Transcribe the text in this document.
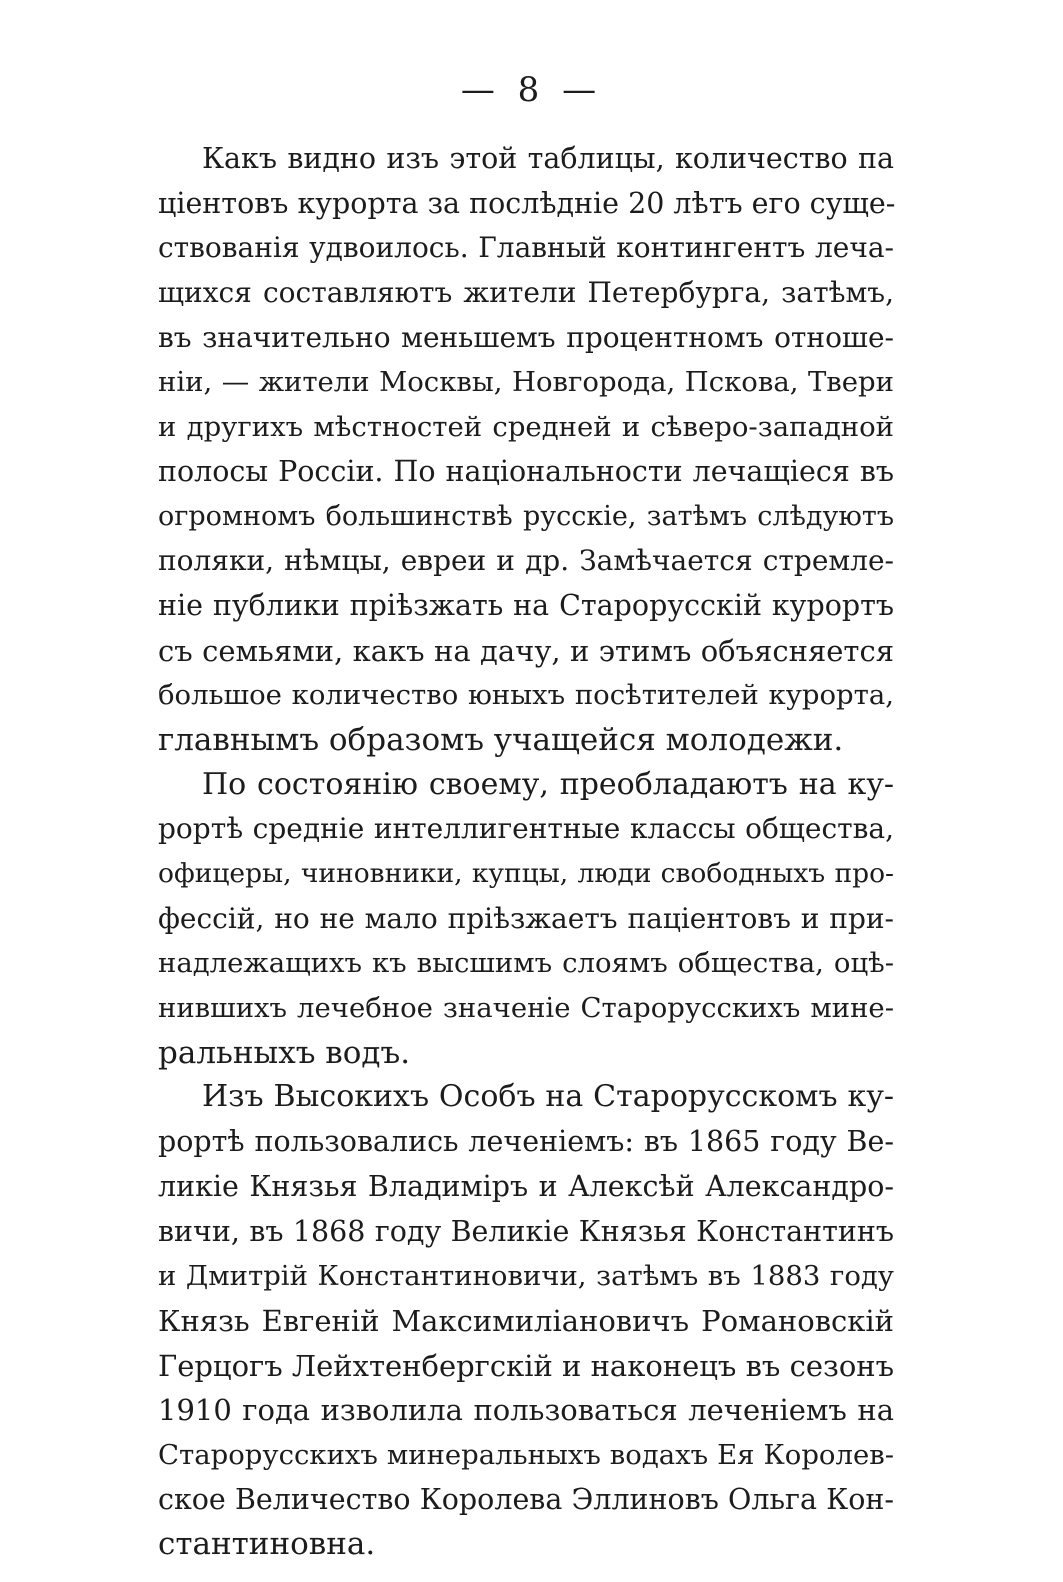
— 8 —
Какъ видно изъ этой таблицы, количество па
ціентовъ курорта за послѣдніе 20 лѣтъ его суще-
ствованія удвоилось. Главный контингентъ леча-
щихся составляютъ жители Петербурга, затѣмъ,
въ значительно меньшемъ процентномъ отноше-
ніи, — жители Москвы, Новгорода, Пскова, Твери
и другихъ мѣстностей средней и сѣверо-западной
полосы Россіи. По національности лечащіеся въ
огромномъ большинствѣ русскіе, затѣмъ слѣдуютъ
поляки, нѣмцы, евреи и др. Замѣчается стремле-
ніе публики пріѣзжать на Старорусскій курортъ
съ семьями, какъ на дачу, и этимъ объясняется
большое количество юныхъ посѣтителей курорта,
главнымъ образомъ учащейся молодежи.
По состоянію своему, преобладаютъ на ку-
рортѣ средніе интеллигентные классы общества,
офицеры, чиновники, купцы, люди свободныхъ про-
фессій, но не мало пріѣзжаетъ паціентовъ и при-
надлежащихъ къ высшимъ слоямъ общества, оцѣ-
нившихъ лечебное значеніе Старорусскихъ мине-
ральныхъ водъ.
Изъ Высокихъ Особъ на Старорусскомъ ку-
рортѣ пользовались леченіемъ: въ 1865 году Ве-
ликіе Князья Владиміръ и Алексѣй Александро-
вичи, въ 1868 году Великіе Князья Константинъ
и Дмитрій Константиновичи, затѣмъ въ 1883 году
Князь Евгеній Максимиліановичъ Романовскій
Герцогъ Лейхтенбергскій и наконецъ въ сезонъ
1910 года изволила пользоваться леченіемъ на
Старорусскихъ минеральныхъ водахъ Ея Королев-
ское Величество Королева Эллиновъ Ольга Кон-
стантиновна.
